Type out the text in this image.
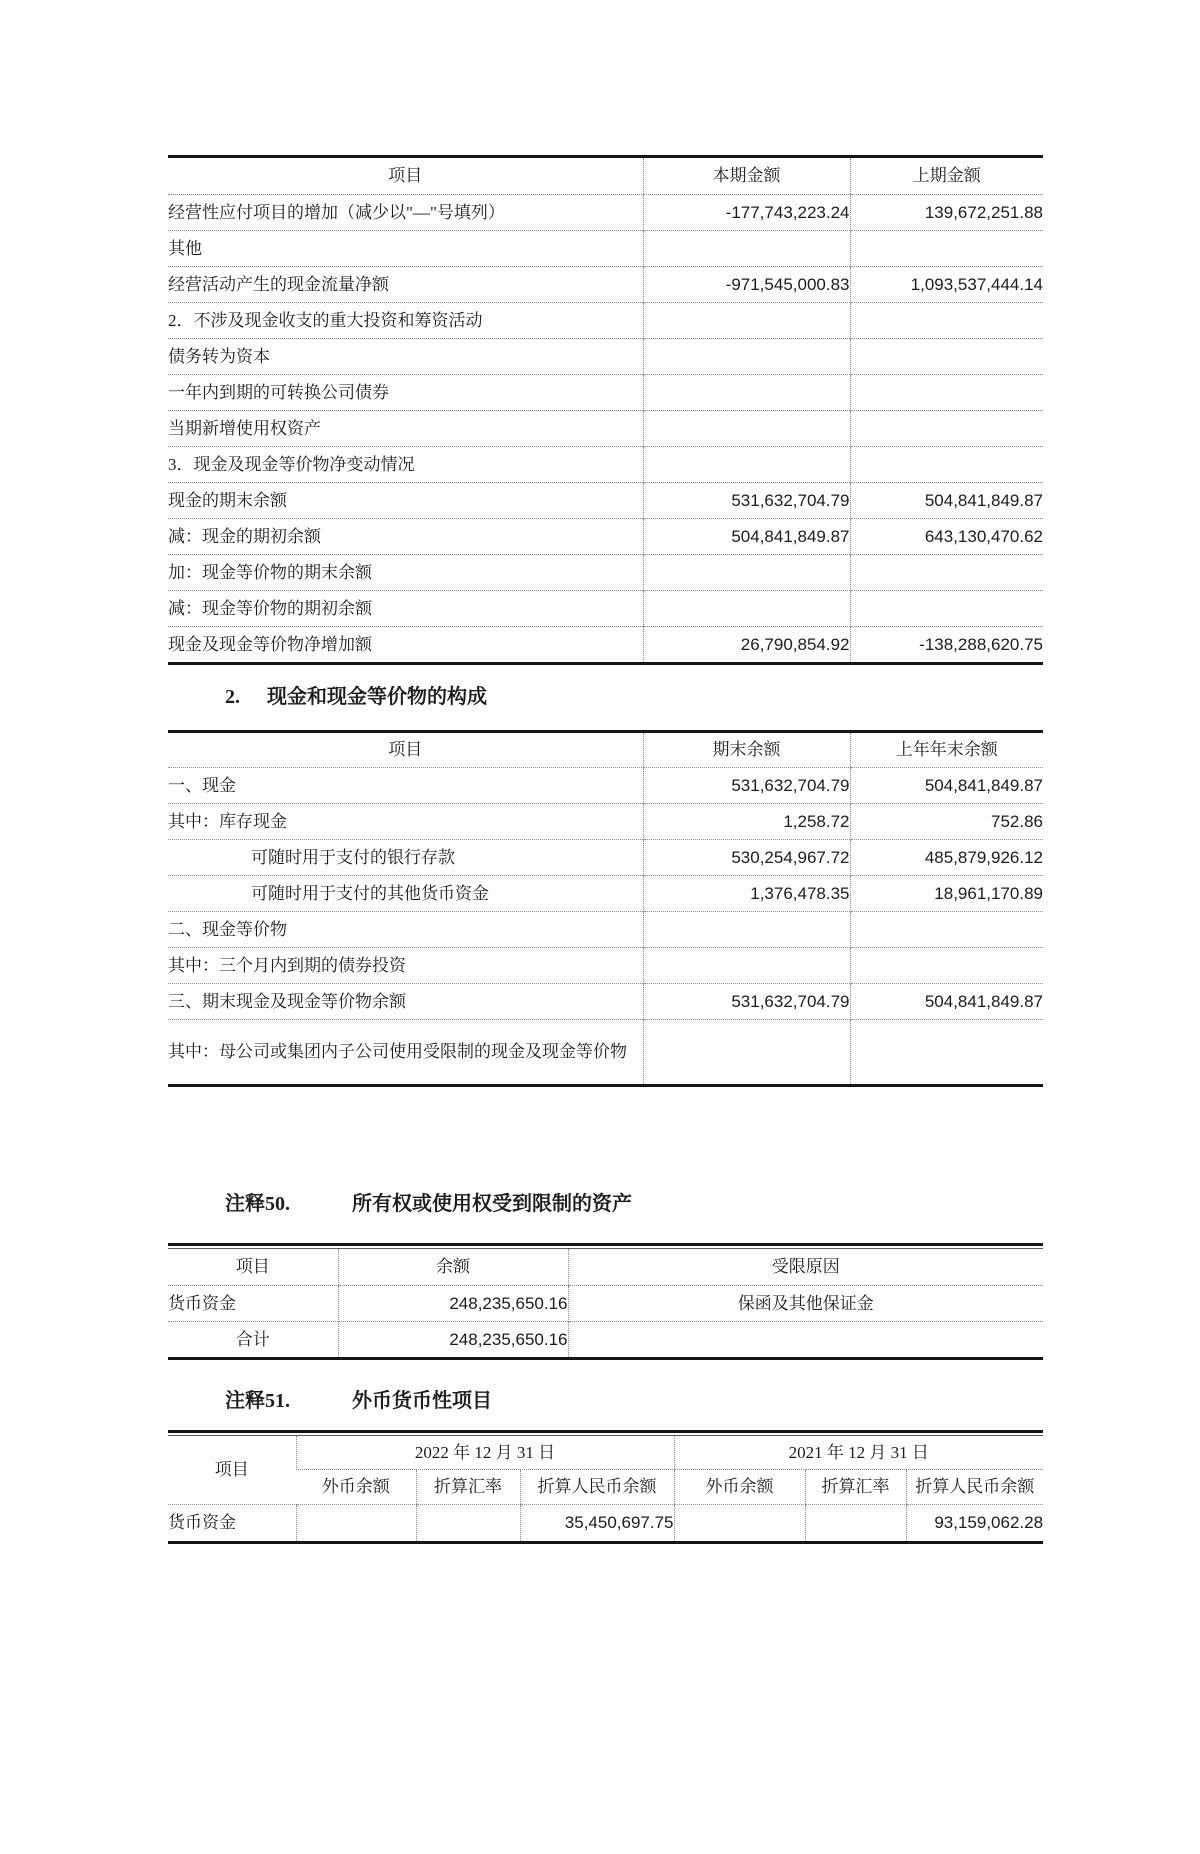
项目	本期金额	上期金额
经营性应付项目的增加（减少以"—"号填列）	-177,743,223.24	139,672,251.88
其他		
经营活动产生的现金流量净额	-971,545,000.83	1,093,537,444.14
2．不涉及现金收支的重大投资和筹资活动		
债务转为资本		
一年内到期的可转换公司债券		
当期新增使用权资产		
3．现金及现金等价物净变动情况		
现金的期末余额	531,632,704.79	504,841,849.87
减：现金的期初余额	504,841,849.87	643,130,470.62
加：现金等价物的期末余额		
减：现金等价物的期初余额		
现金及现金等价物净增加额	26,790,854.92	-138,288,620.75
2. 现金和现金等价物的构成
项目	期末余额	上年年末余额
一、现金	531,632,704.79	504,841,849.87
其中：库存现金	1,258.72	752.86
可随时用于支付的银行存款	530,254,967.72	485,879,926.12
可随时用于支付的其他货币资金	1,376,478.35	18,961,170.89
二、现金等价物		
其中：三个月内到期的债券投资		
三、期末现金及现金等价物余额	531,632,704.79	504,841,849.87
其中：母公司或集团内子公司使用受限制的现金及现金等价物		
注释50.	所有权或使用权受到限制的资产
项目	余额	受限原因
货币资金	248,235,650.16	保函及其他保证金
合计	248,235,650.16	
注释51.	外币货币性项目
项目	2022 年 12 月 31 日			2021 年 12 月 31 日		
	外币余额	折算汇率	折算人民币余额	外币余额	折算汇率	折算人民币余额
货币资金			35,450,697.75			93,159,062.28
